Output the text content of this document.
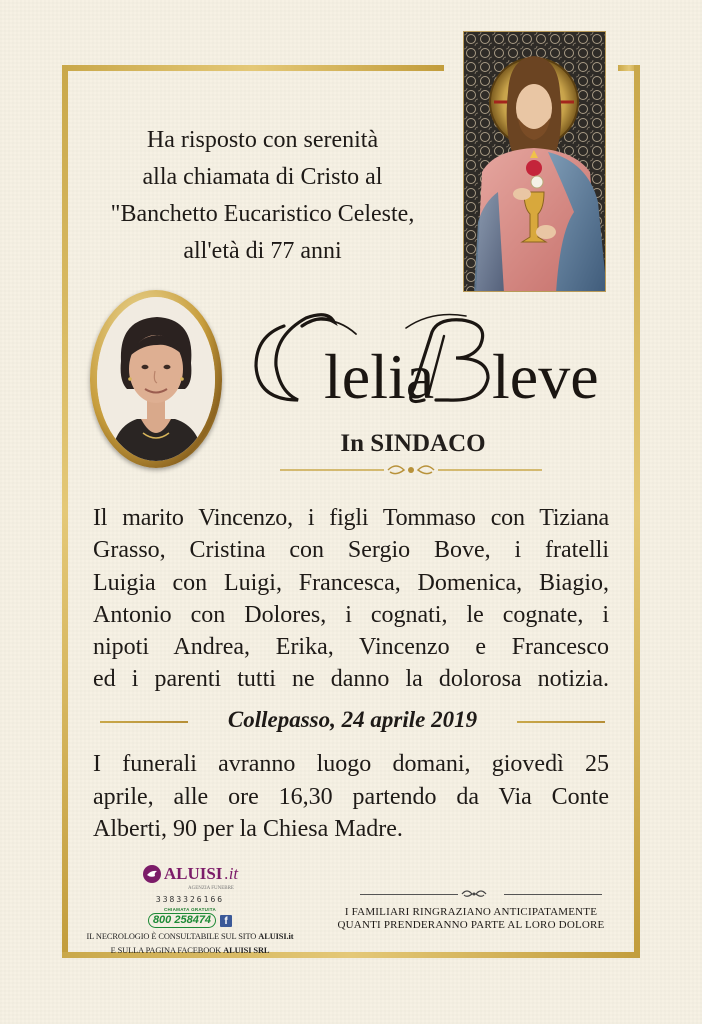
Ha risposto con serenità
alla chiamata di Cristo al
"Banchetto Eucaristico Celeste,
all'età di 77 anni
lelia leve
In SINDACO
Il marito Vincenzo, i figli Tommaso con Tiziana
Grasso, Cristina con Sergio Bove, i fratelli
Luigia con Luigi, Francesca, Domenica, Biagio,
Antonio con Dolores, i cognati, le cognate, i
nipoti Andrea, Erika, Vincenzo e Francesco
ed i parenti tutti ne danno la dolorosa notizia.
Collepasso, 24 aprile 2019
I funerali avranno luogo domani, giovedì 25
aprile, alle ore 16,30 partendo da Via Conte
Alberti, 90 per la Chiesa Madre.
ALUISI .it
AGENZIA FUNEBRE
3383326166
CHIAMATA GRATUITA
800 258474	f
IL NECROLOGIO È CONSULTABILE SUL SITO ALUISI.it
E SULLA PAGINA FACEBOOK ALUISI SRL
I FAMILIARI RINGRAZIANO ANTICIPATAMENTE
QUANTI PRENDERANNO PARTE AL LORO DOLORE
